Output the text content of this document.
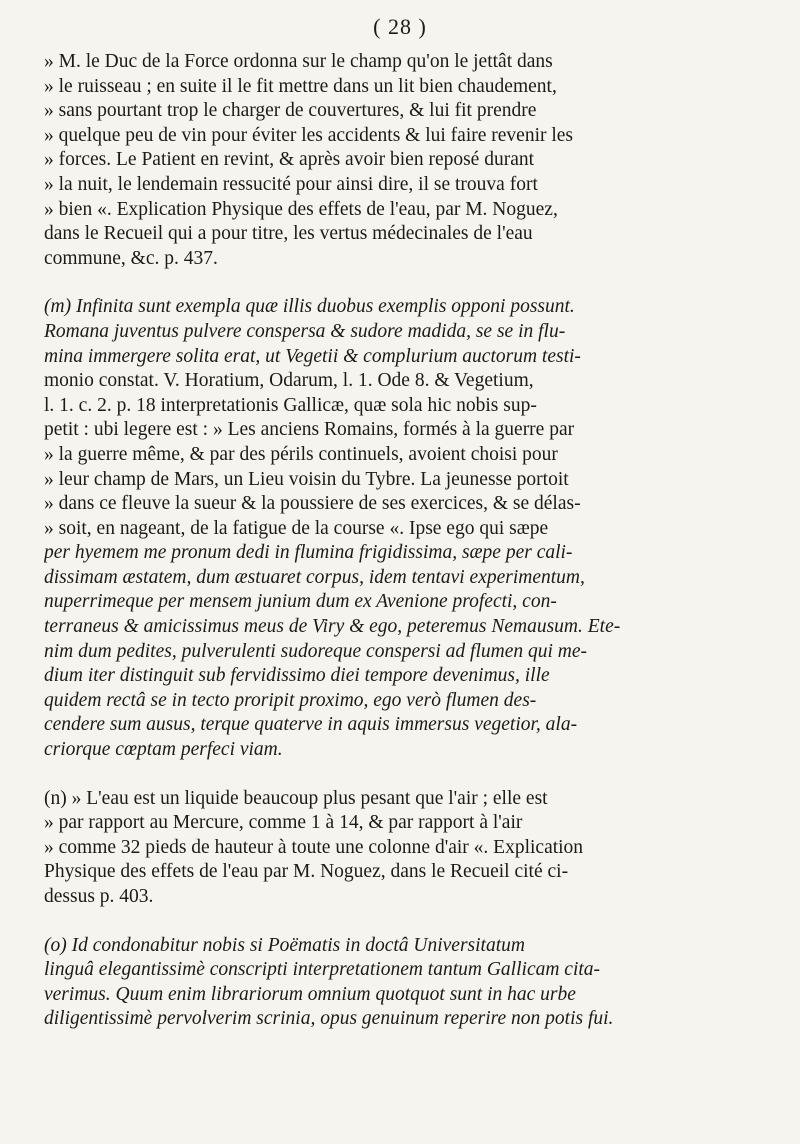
( 28 )
» M. le Duc de la Force ordonna sur le champ qu'on le jettât dans
» le ruisseau ; en suite il le fit mettre dans un lit bien chaudement,
» sans pourtant trop le charger de couvertures, & lui fit prendre
» quelque peu de vin pour éviter les accidents & lui faire revenir les
» forces. Le Patient en revint, & après avoir bien reposé durant
» la nuit, le lendemain ressucité pour ainsi dire, il se trouva fort
» bien «. Explication Physique des effets de l'eau, par M. Noguez,
dans le Recueil qui a pour titre, les vertus médecinales de l'eau
commune, &c. p. 437.
(m) Infinita sunt exempla quæ illis duobus exemplis opponi possunt.
Romana juventus pulvere conspersa & sudore madida, se se in flu-
mina immergere solita erat, ut Vegetii & complurium auctorum testi-
monio constat. V. Horatium, Odarum, l. 1. Ode 8. & Vegetium,
l. 1. c. 2. p. 18 interpretationis Gallicæ, quæ sola hic nobis sup-
petit : ubi legere est : » Les anciens Romains, formés à la guerre par
» la guerre même, & par des périls continuels, avoient choisi pour
» leur champ de Mars, un Lieu voisin du Tybre. La jeunesse portoit
» dans ce fleuve la sueur & la poussiere de ses exercices, & se délas-
» soit, en nageant, de la fatigue de la course «. Ipse ego qui sæpe
per hyemem me pronum dedi in flumina frigidissima, sæpe per cali-
dissimam æstatem, dum æstuaret corpus, idem tentavi experimentum,
nuperrimeque per mensem junium dum ex Avenione profecti, con-
terraneus & amicissimus meus de Viry & ego, peteremus Nemausum. Ete-
nim dum pedites, pulverulenti sudoreque conspersi ad flumen qui me-
dium iter distinguit sub fervidissimo diei tempore devenimus, ille
quidem rectâ se in tecto proripit proximo, ego verò flumen des-
cendere sum ausus, terque quaterve in aquis immersus vegetior, ala-
criorque cœptam perfeci viam.
(n) » L'eau est un liquide beaucoup plus pesant que l'air ; elle est
» par rapport au Mercure, comme 1 à 14, & par rapport à l'air
» comme 32 pieds de hauteur à toute une colonne d'air «. Explication
Physique des effets de l'eau par M. Noguez, dans le Recueil cité ci-
dessus p. 403.
(o) Id condonabitur nobis si Poëmatis in doctâ Universitatum
linguâ elegantissimè conscripti interpretationem tantum Gallicam cita-
verimus. Quum enim librariorum omnium quotquot sunt in hac urbe
diligentissimè pervolverim scrinia, opus genuinum reperire non potis fui.
